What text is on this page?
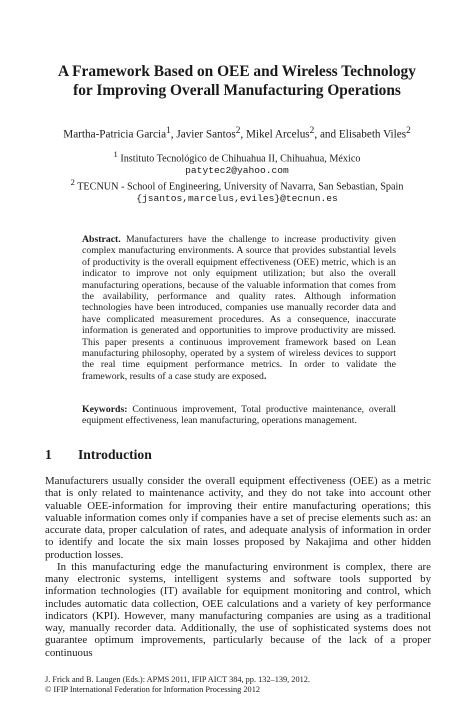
A Framework Based on OEE and Wireless Technology
for Improving Overall Manufacturing Operations

Martha-Patricia Garcia$^1$, Javier Santos$^2$, Mikel Arcelus$^2$, and Elisabeth Viles$^2$

$^1$ Instituto Tecnológico de Chihuahua II, Chihuahua, México
patytec2@yahoo.com
$^2$ TECNUN - School of Engineering, University of Navarra, San Sebastian, Spain
{jsantos,marcelus,eviles}@tecnun.es

Abstract. Manufacturers have the challenge to increase productivity given complex manufacturing environments. A source that provides substantial levels of productivity is the overall equipment effectiveness (OEE) metric, which is an indicator to improve not only equipment utilization; but also the overall manufacturing operations, because of the valuable information that comes from the availability, performance and quality rates. Although information technologies have been introduced, companies use manually recorder data and have complicated measurement procedures. As a consequence, inaccurate information is generated and opportunities to improve productivity are missed. This paper presents a continuous improvement framework based on Lean manufacturing philosophy, operated by a system of wireless devices to support the real time equipment performance metrics. In order to validate the framework, results of a case study are exposed.

Keywords: Continuous improvement, Total productive maintenance, overall equipment effectiveness, lean manufacturing, operations management.

1 Introduction

Manufacturers usually consider the overall equipment effectiveness (OEE) as a metric that is only related to maintenance activity, and they do not take into account other valuable OEE-information for improving their entire manufacturing operations; this valuable information comes only if companies have a set of precise elements such as: an accurate data, proper calculation of rates, and adequate analysis of information in order to identify and locate the six main losses proposed by Nakajima and other hidden production losses.

In this manufacturing edge the manufacturing environment is complex, there are many electronic systems, intelligent systems and software tools supported by information technologies (IT) available for equipment monitoring and control, which includes automatic data collection, OEE calculations and a variety of key performance indicators (KPI). However, many manufacturing companies are using as a traditional way, manually recorder data. Additionally, the use of sophisticated systems does not guarantee optimum improvements, particularly because of the lack of a proper continuous

J. Frick and B. Laugen (Eds.): APMS 2011, IFIP AICT 384, pp. 132–139, 2012.
© IFIP International Federation for Information Processing 2012
